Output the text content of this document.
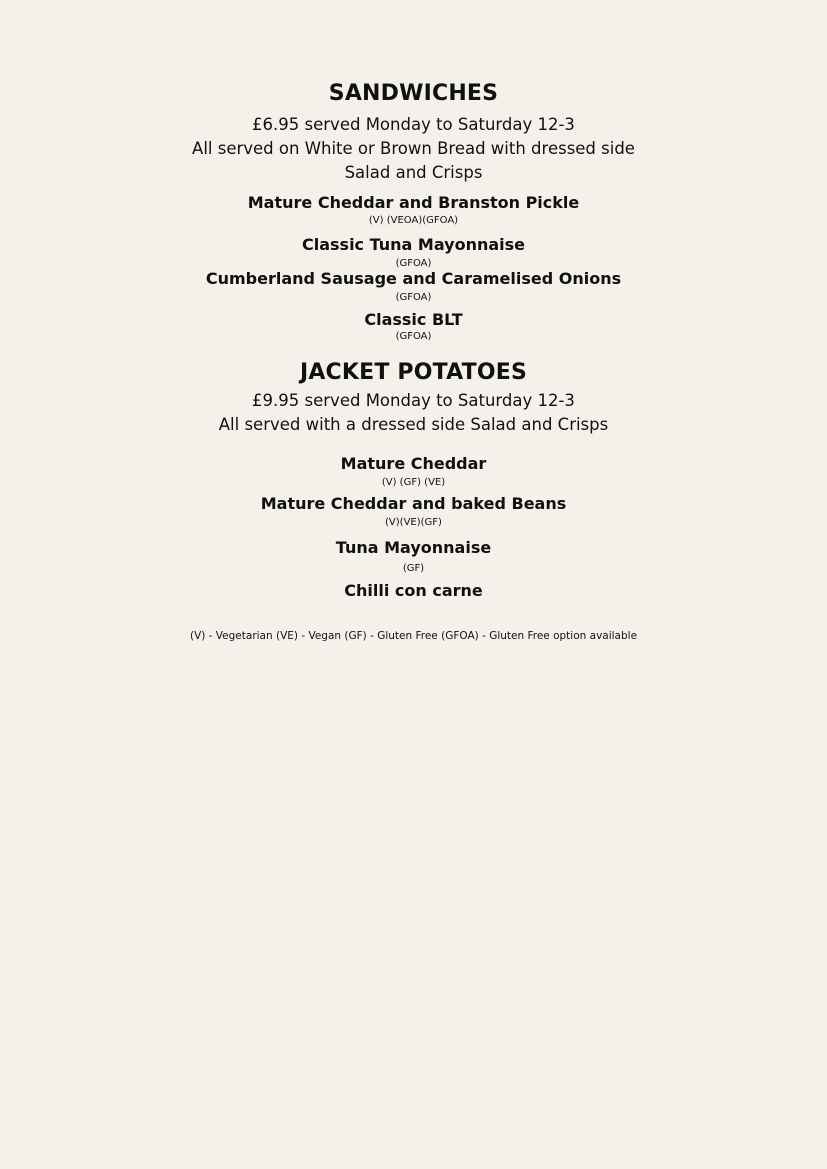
SANDWICHES

£6.95 served Monday to Saturday 12-3

All served on White or Brown Bread with dressed side

Salad and Crisps

Mature Cheddar and Branston Pickle

(V) (VEOA)(GFOA)

Classic Tuna Mayonnaise

(GFOA)

Cumberland Sausage and Caramelised Onions

(GFOA)

Classic BLT

(GFOA)

JACKET POTATOES

£9.95 served Monday to Saturday 12-3

All served with a dressed side Salad and Crisps

Mature Cheddar

(V) (GF) (VE)

Mature Cheddar and baked Beans

(V)(VE)(GF)

Tuna Mayonnaise

(GF)

Chilli con carne

(V) - Vegetarian (VE) - Vegan (GF) - Gluten Free (GFOA) - Gluten Free option available
